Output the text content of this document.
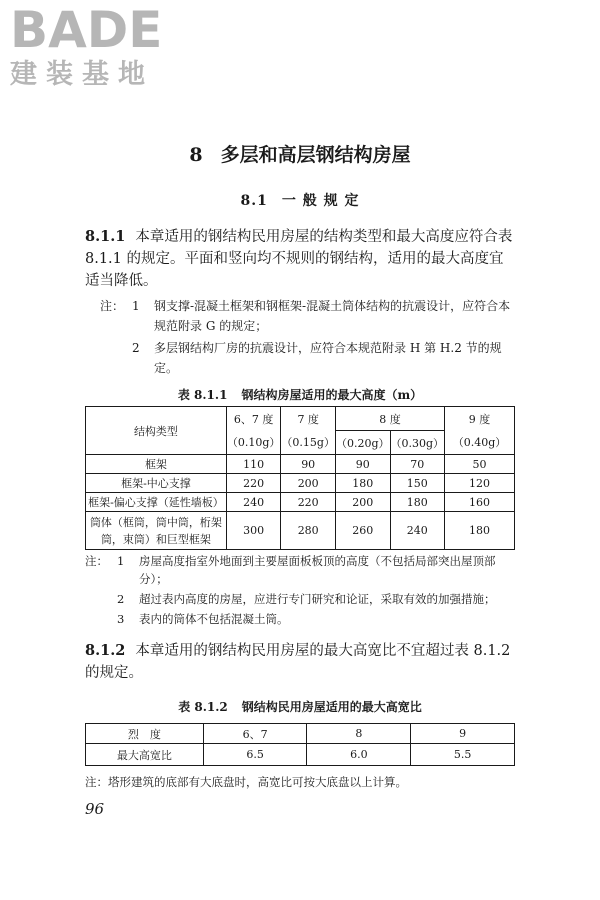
BADE
建装基地
8 多层和高层钢结构房屋
8.1 一 般 规 定
8.1.1 本章适用的钢结构民用房屋的结构类型和最大高度应符合表 8.1.1 的规定。平面和竖向均不规则的钢结构，适用的最大高度宜适当降低。
注： 1	钢支撑-混凝土框架和钢框架-混凝土筒体结构的抗震设计，应符合本规范附录 G 的规定；
2	多层钢结构厂房的抗震设计，应符合本规范附录 H 第 H.2 节的规定。
表 8.1.1 钢结构房屋适用的最大高度（m）
结构类型	6、7 度	7 度	8 度		9 度
	（0.10g）	（0.15g）	（0.20g）	（0.30g）	（0.40g）
框架	110	90	90	70	50
框架-中心支撑	220	200	180	150	120
框架-偏心支撑（延性墙板）	240	220	200	180	160
筒体（框筒，筒中筒，桁架筒，束筒）和巨型框架	300	280	260	240	180
注： 1	房屋高度指室外地面到主要屋面板板顶的高度（不包括局部突出屋顶部分）；
2	超过表内高度的房屋，应进行专门研究和论证，采取有效的加强措施；
3	表内的筒体不包括混凝土筒。
8.1.2 本章适用的钢结构民用房屋的最大高宽比不宜超过表 8.1.2 的规定。
表 8.1.2 钢结构民用房屋适用的最大高宽比
烈　度	6、7	8	9
最大高宽比	6.5	6.0	5.5
注：塔形建筑的底部有大底盘时，高宽比可按大底盘以上计算。
96
